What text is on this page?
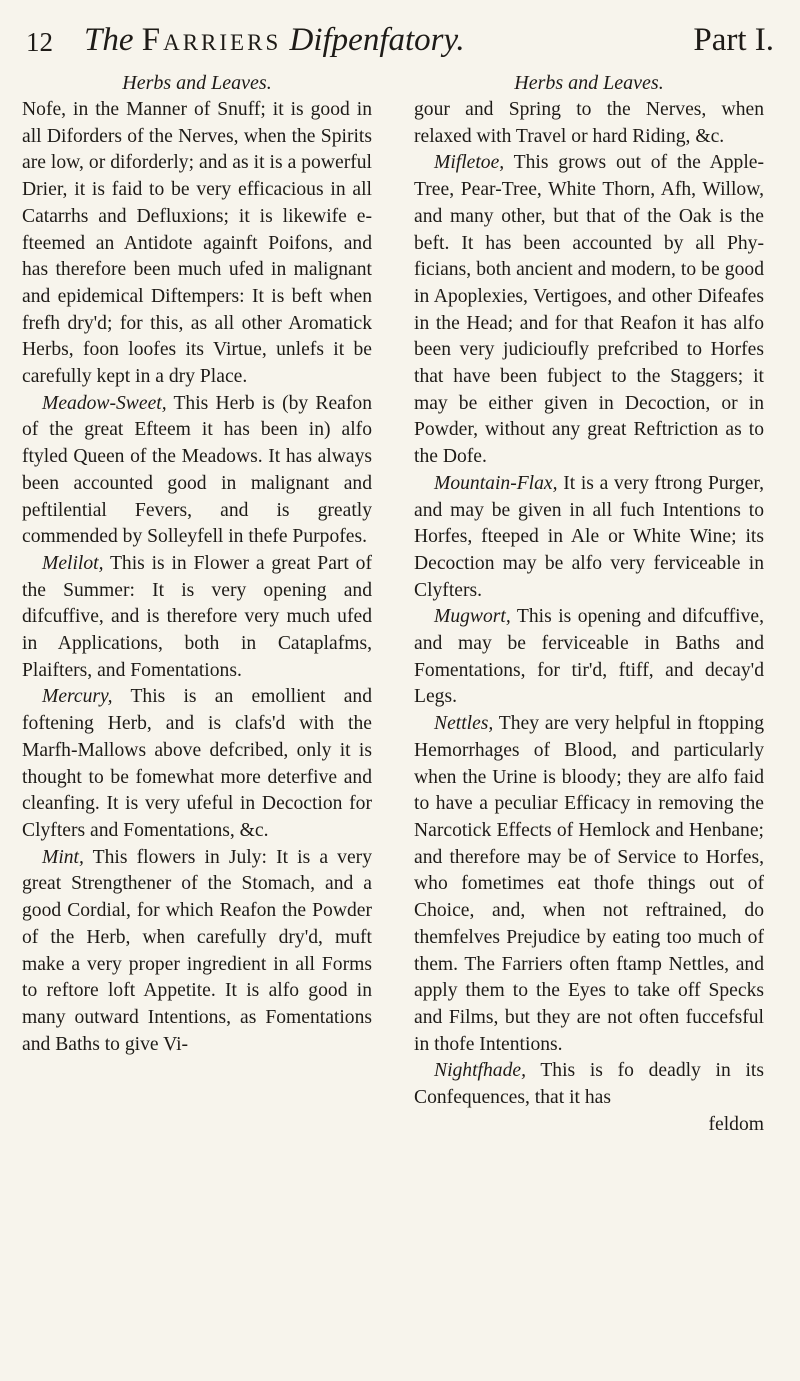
12 The Farriers Difpenfatory.	Part I.
Herbs and Leaves.	Herbs and Leaves.

Nofe, in the Manner of Snuff; it is good in all Diforders of the Nerves, when the Spirits are low, or diforderly; and as it is a powerful Drier, it is faid to be very efficacious in all Catarrhs and Defluxions; it is likewife efteemed an Antidote againft Poifons, and has therefore been much ufed in malignant and epidemical Diftempers: It is beft when frefh dry'd; for this, as all other Aromatick Herbs, foon loofes its Virtue, unlefs it be carefully kept in a dry Place.

Meadow-Sweet, This Herb is (by Reafon of the great Efteem it has been in) alfo ftyled Queen of the Meadows. It has always been accounted good in malignant and peftilential Fevers, and is greatly commended by Solleyfell in thefe Purpofes.

Melilot, This is in Flower a great Part of the Summer: It is very opening and difcuffive, and is therefore very much ufed in Applications, both in Cataplafms, Plaifters, and Fomentations.

Mercury, This is an emollient and foftening Herb, and is clafs'd with the Marfh-Mallows above defcribed, only it is thought to be fomewhat more deterfive and cleanfing. It is very ufeful in Decoction for Clyfters and Fomentations, &c.

Mint, This flowers in July: It is a very great Strengthener of the Stomach, and a good Cordial, for which Reafon the Powder of the Herb, when carefully dry'd, muft make a very proper ingredient in all Forms to reftore loft Appetite. It is alfo good in many outward Intentions, as Fomentations and Baths to give Vi-

gour and Spring to the Nerves, when relaxed with Travel or hard Riding, &c.

Mifletoe, This grows out of the Apple-Tree, Pear-Tree, White Thorn, Afh, Willow, and many other, but that of the Oak is the beft. It has been accounted by all Phyficians, both ancient and modern, to be good in Apoplexies, Vertigoes, and other Difeafes in the Head; and for that Reafon it has alfo been very judicioufly prefcribed to Horfes that have been fubject to the Staggers; it may be either given in Decoction, or in Powder, without any great Reftriction as to the Dofe.

Mountain-Flax, It is a very ftrong Purger, and may be given in all fuch Intentions to Horfes, fteeped in Ale or White Wine; its Decoction may be alfo very ferviceable in Clyfters.

Mugwort, This is opening and difcuffive, and may be ferviceable in Baths and Fomentations, for tir'd, ftiff, and decay'd Legs.

Nettles, They are very helpful in ftopping Hemorrhages of Blood, and particularly when the Urine is bloody; they are alfo faid to have a peculiar Efficacy in removing the Narcotick Effects of Hemlock and Henbane; and therefore may be of Service to Horfes, who fometimes eat thofe things out of Choice, and, when not reftrained, do themfelves Prejudice by eating too much of them. The Farriers often ftamp Nettles, and apply them to the Eyes to take off Specks and Films, but they are not often fuccefsful in thofe Intentions.

Nightfhade, This is fo deadly in its Confequences, that it has

feldom
